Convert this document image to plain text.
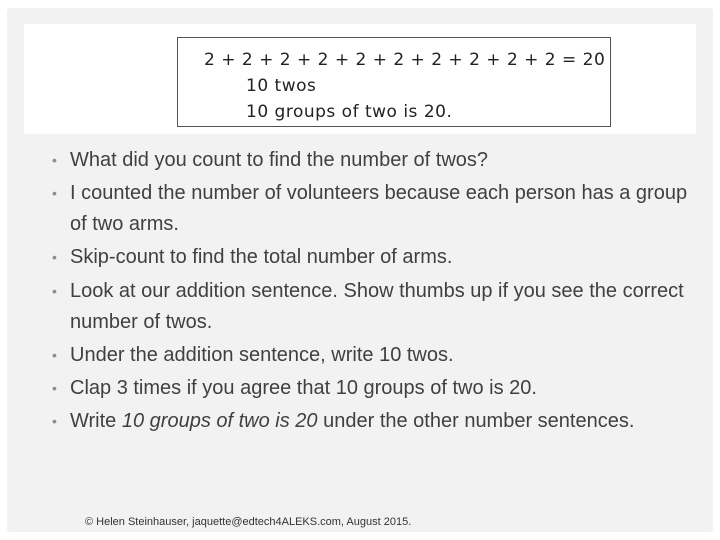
2 + 2 + 2 + 2 + 2 + 2 + 2 + 2 + 2 + 2 = 20
10 twos
10 groups of two is 20.
• What did you count to find the number of twos?
• I counted the number of volunteers because each person has a group of two arms.
• Skip-count to find the total number of arms.
• Look at our addition sentence. Show thumbs up if you see the correct number of twos.
• Under the addition sentence, write 10 twos.
• Clap 3 times if you agree that 10 groups of two is 20.
• Write 10 groups of two is 20 under the other number sentences.
© Helen Steinhauser, jaquette@edtech4ALEKS.com, August 2015.
